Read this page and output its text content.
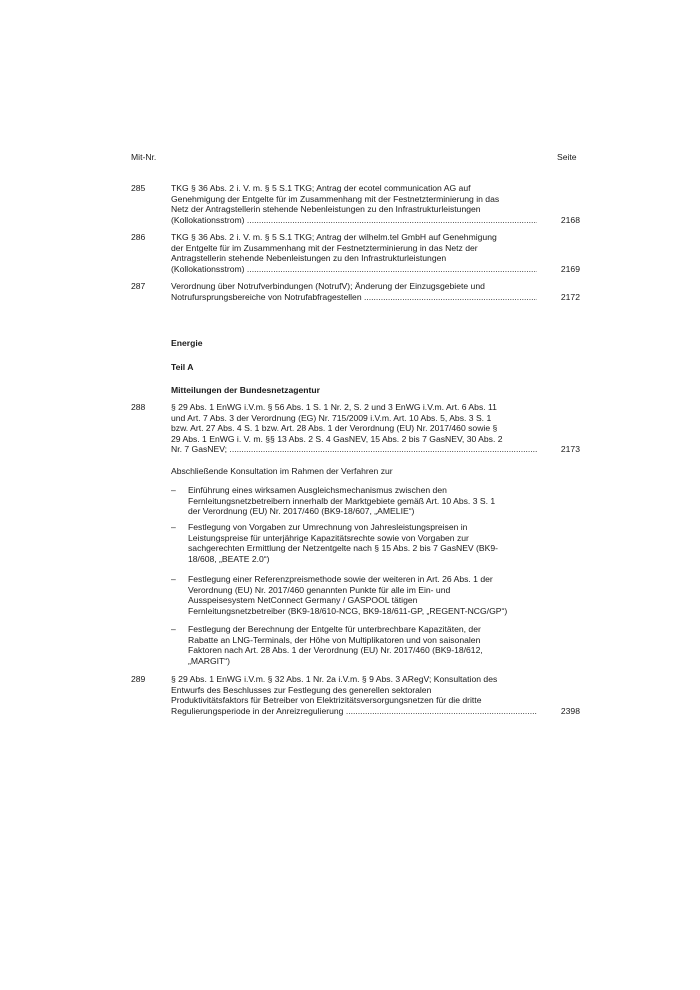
Mit-Nr.	Seite
285	TKG § 36 Abs. 2 i. V. m. § 5 S.1 TKG; Antrag der ecotel communication AG auf
Genehmigung der Entgelte für im Zusammenhang mit der Festnetzterminierung in das
Netz der Antragstellerin stehende Nebenleistungen zu den Infrastrukturleistungen
(Kollokationsstrom) .....	2168
286	TKG § 36 Abs. 2 i. V. m. § 5 S.1 TKG; Antrag der wilhelm.tel GmbH auf Genehmigung
der Entgelte für im Zusammenhang mit der Festnetzterminierung in das Netz der
Antragstellerin stehende Nebenleistungen zu den Infrastrukturleistungen
(Kollokationsstrom) .....	2169
287	Verordnung über Notrufverbindungen (NotrufV); Änderung der Einzugsgebiete und
Notrufursprungsbereiche von Notrufabfragestellen .....	2172
Energie
Teil A
Mitteilungen der Bundesnetzagentur
288	§ 29 Abs. 1 EnWG i.V.m. § 56 Abs. 1 S. 1 Nr. 2, S. 2 und 3 EnWG i.V.m. Art. 6 Abs. 11
und Art. 7 Abs. 3 der Verordnung (EG) Nr. 715/2009 i.V.m. Art. 10 Abs. 5, Abs. 3 S. 1
bzw. Art. 27 Abs. 4 S. 1 bzw. Art. 28 Abs. 1 der Verordnung (EU) Nr. 2017/460 sowie §
29 Abs. 1 EnWG i. V. m. §§ 13 Abs. 2 S. 4 GasNEV, 15 Abs. 2 bis 7 GasNEV, 30 Abs. 2
Nr. 7 GasNEV; .....	2173
Abschließende Konsultation im Rahmen der Verfahren zur
– Einführung eines wirksamen Ausgleichsmechanismus zwischen den
Fernleitungsnetzbetreibern innerhalb der Marktgebiete gemäß Art. 10 Abs. 3 S. 1
der Verordnung (EU) Nr. 2017/460 (BK9-18/607, „AMELIE“)
– Festlegung von Vorgaben zur Umrechnung von Jahresleistungspreisen in
Leistungspreise für unterjährige Kapazitätsrechte sowie von Vorgaben zur
sachgerechten Ermittlung der Netzentgelte nach § 15 Abs. 2 bis 7 GasNEV (BK9-
18/608, „BEATE 2.0“)
– Festlegung einer Referenzpreismethode sowie der weiteren in Art. 26 Abs. 1 der
Verordnung (EU) Nr. 2017/460 genannten Punkte für alle im Ein- und
Ausspeisesystem NetConnect Germany / GASPOOL tätigen
Fernleitungsnetzbetreiber (BK9-18/610-NCG, BK9-18/611-GP, „REGENT-NCG/GP“)
– Festlegung der Berechnung der Entgelte für unterbrechbare Kapazitäten, der
Rabatte an LNG-Terminals, der Höhe von Multiplikatoren und von saisonalen
Faktoren nach Art. 28 Abs. 1 der Verordnung (EU) Nr. 2017/460 (BK9-18/612,
„MARGIT“)
289	§ 29 Abs. 1 EnWG i.V.m. § 32 Abs. 1 Nr. 2a i.V.m. § 9 Abs. 3 ARegV; Konsultation des
Entwurfs des Beschlusses zur Festlegung des generellen sektoralen
Produktivitätsfaktors für Betreiber von Elektrizitätsversorgungsnetzen für die dritte
Regulierungsperiode in der Anreizregulierung .....	2398
